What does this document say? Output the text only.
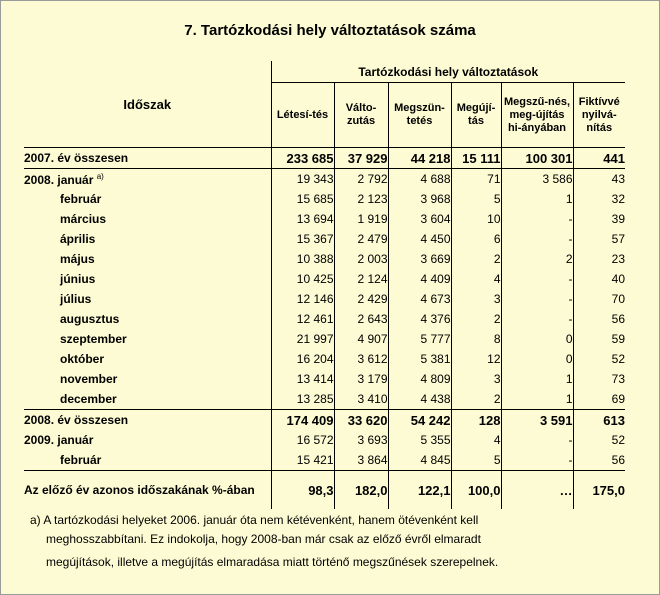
7. Tartózkodási hely változtatások száma
Időszak	Tartózkodási hely változtatások					
	Létesí-tés	Válto-zutás	Megszün-tetés	Megújí-tás	Megszű-nés, meg-újítás hi-ányában	Fiktívvé nyilvá-nítás
2007. év összesen	233 685	37 929	44 218	15 111	100 301	441
2008. január $^{a)}$	19 343	2 792	4 688	71	3 586	43
február	15 685	2 123	3 968	5	1	32
március	13 694	1 919	3 604	10	-	39
április	15 367	2 479	4 450	6	-	57
május	10 388	2 003	3 669	2	2	23
június	10 425	2 124	4 409	4	-	40
július	12 146	2 429	4 673	3	-	70
augusztus	12 461	2 643	4 376	2	-	56
szeptember	21 997	4 907	5 777	8	0	59
október	16 204	3 612	5 381	12	0	52
november	13 414	3 179	4 809	3	1	73
december	13 285	3 410	4 438	2	1	69
2008. év összesen	174 409	33 620	54 242	128	3 591	613
2009. január	16 572	3 693	5 355	4	-	52
február	15 421	3 864	4 845	5	-	56
Az előző év azonos időszakának %-ában	98,3	182,0	122,1	100,0	…	175,0
a) A tartózkodási helyeket 2006. január óta nem kétévenként, hanem ötévenként kell
meghosszabbítani. Ez indokolja, hogy 2008-ban már csak az előző évről elmaradt
megújítások, illetve a megújítás elmaradása miatt történő megszűnések szerepelnek.
